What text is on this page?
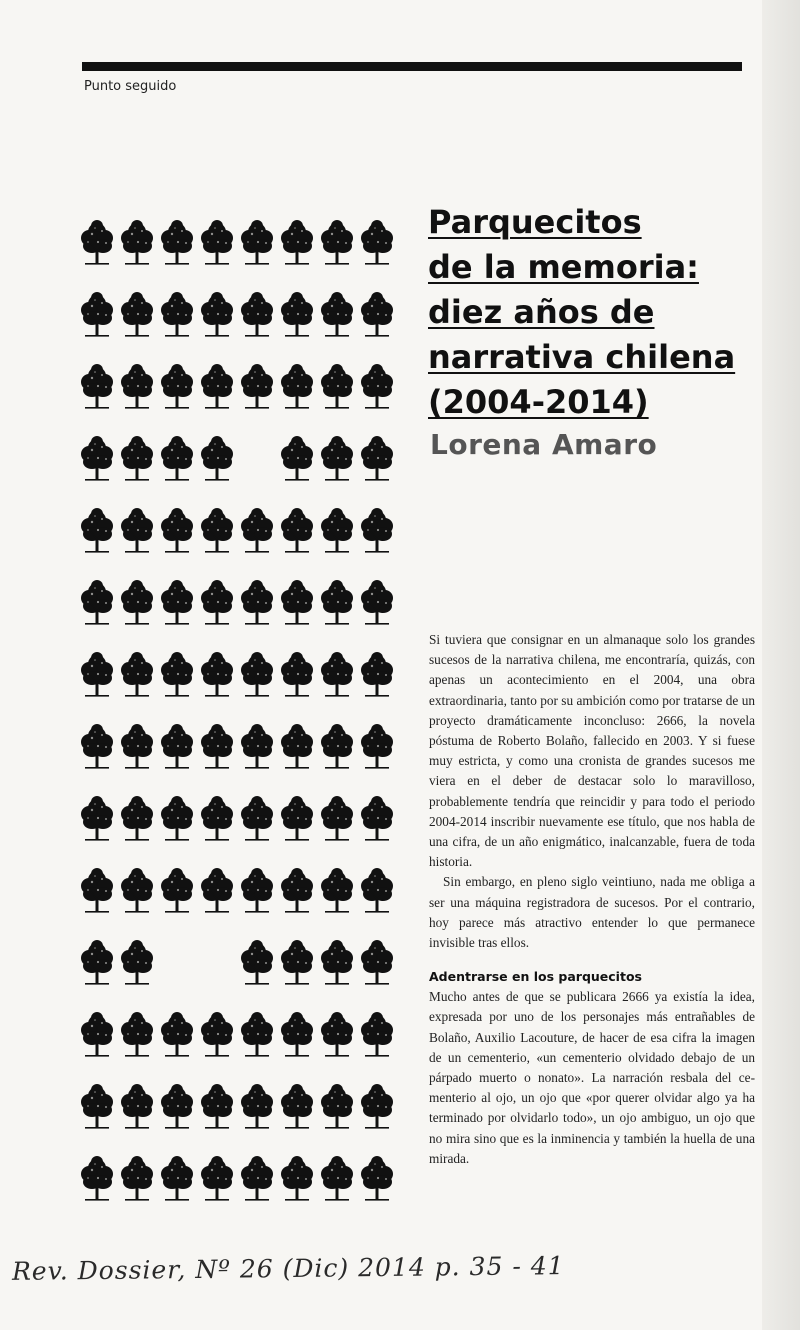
Punto seguido
Parquecitos
de la memoria:
diez años de
narrativa chilena
(2004-2014)
Lorena Amaro

Si tuviera que consignar en un almanaque solo los grandes sucesos de la narrativa chilena, me encontraría, quizás, con apenas un acontecimiento en el 2004, una obra extraordinaria, tanto por su ambición como por tratarse de un proyecto dramáticamente inconcluso: 2666, la novela póstuma de Roberto Bolaño, fallecido en 2003. Y si fuese muy estricta, y como una cronista de grandes sucesos me viera en el deber de destacar solo lo maravilloso, probablemente tendría que reincidir y para todo el periodo 2004-2014 inscribir nuevamente ese título, que nos habla de una cifra, de un año enigmático, inalcanzable, fuera de toda historia.

Sin embargo, en pleno siglo veintiuno, nada me obliga a ser una máquina registradora de sucesos. Por el contrario, hoy parece más atractivo entender lo que permanece invisible tras ellos.

Adentrarse en los parquecitos

Mucho antes de que se publicara 2666 ya existía la idea, expresada por uno de los personajes más entrañables de Bolaño, Auxilio Lacouture, de hacer de esa cifra la imagen de un cementerio, «un cementerio olvidado debajo de un párpado muerto o nonato». La narración resbala del cementerio al ojo, un ojo que «por querer olvidar algo ya ha terminado por olvidarlo todo», un ojo ambiguo, un ojo que no mira sino que es la inminencia y también la huella de una mirada.

Rev. Dossier, Nº 26 (Dic) 2014 p. 35 - 41
